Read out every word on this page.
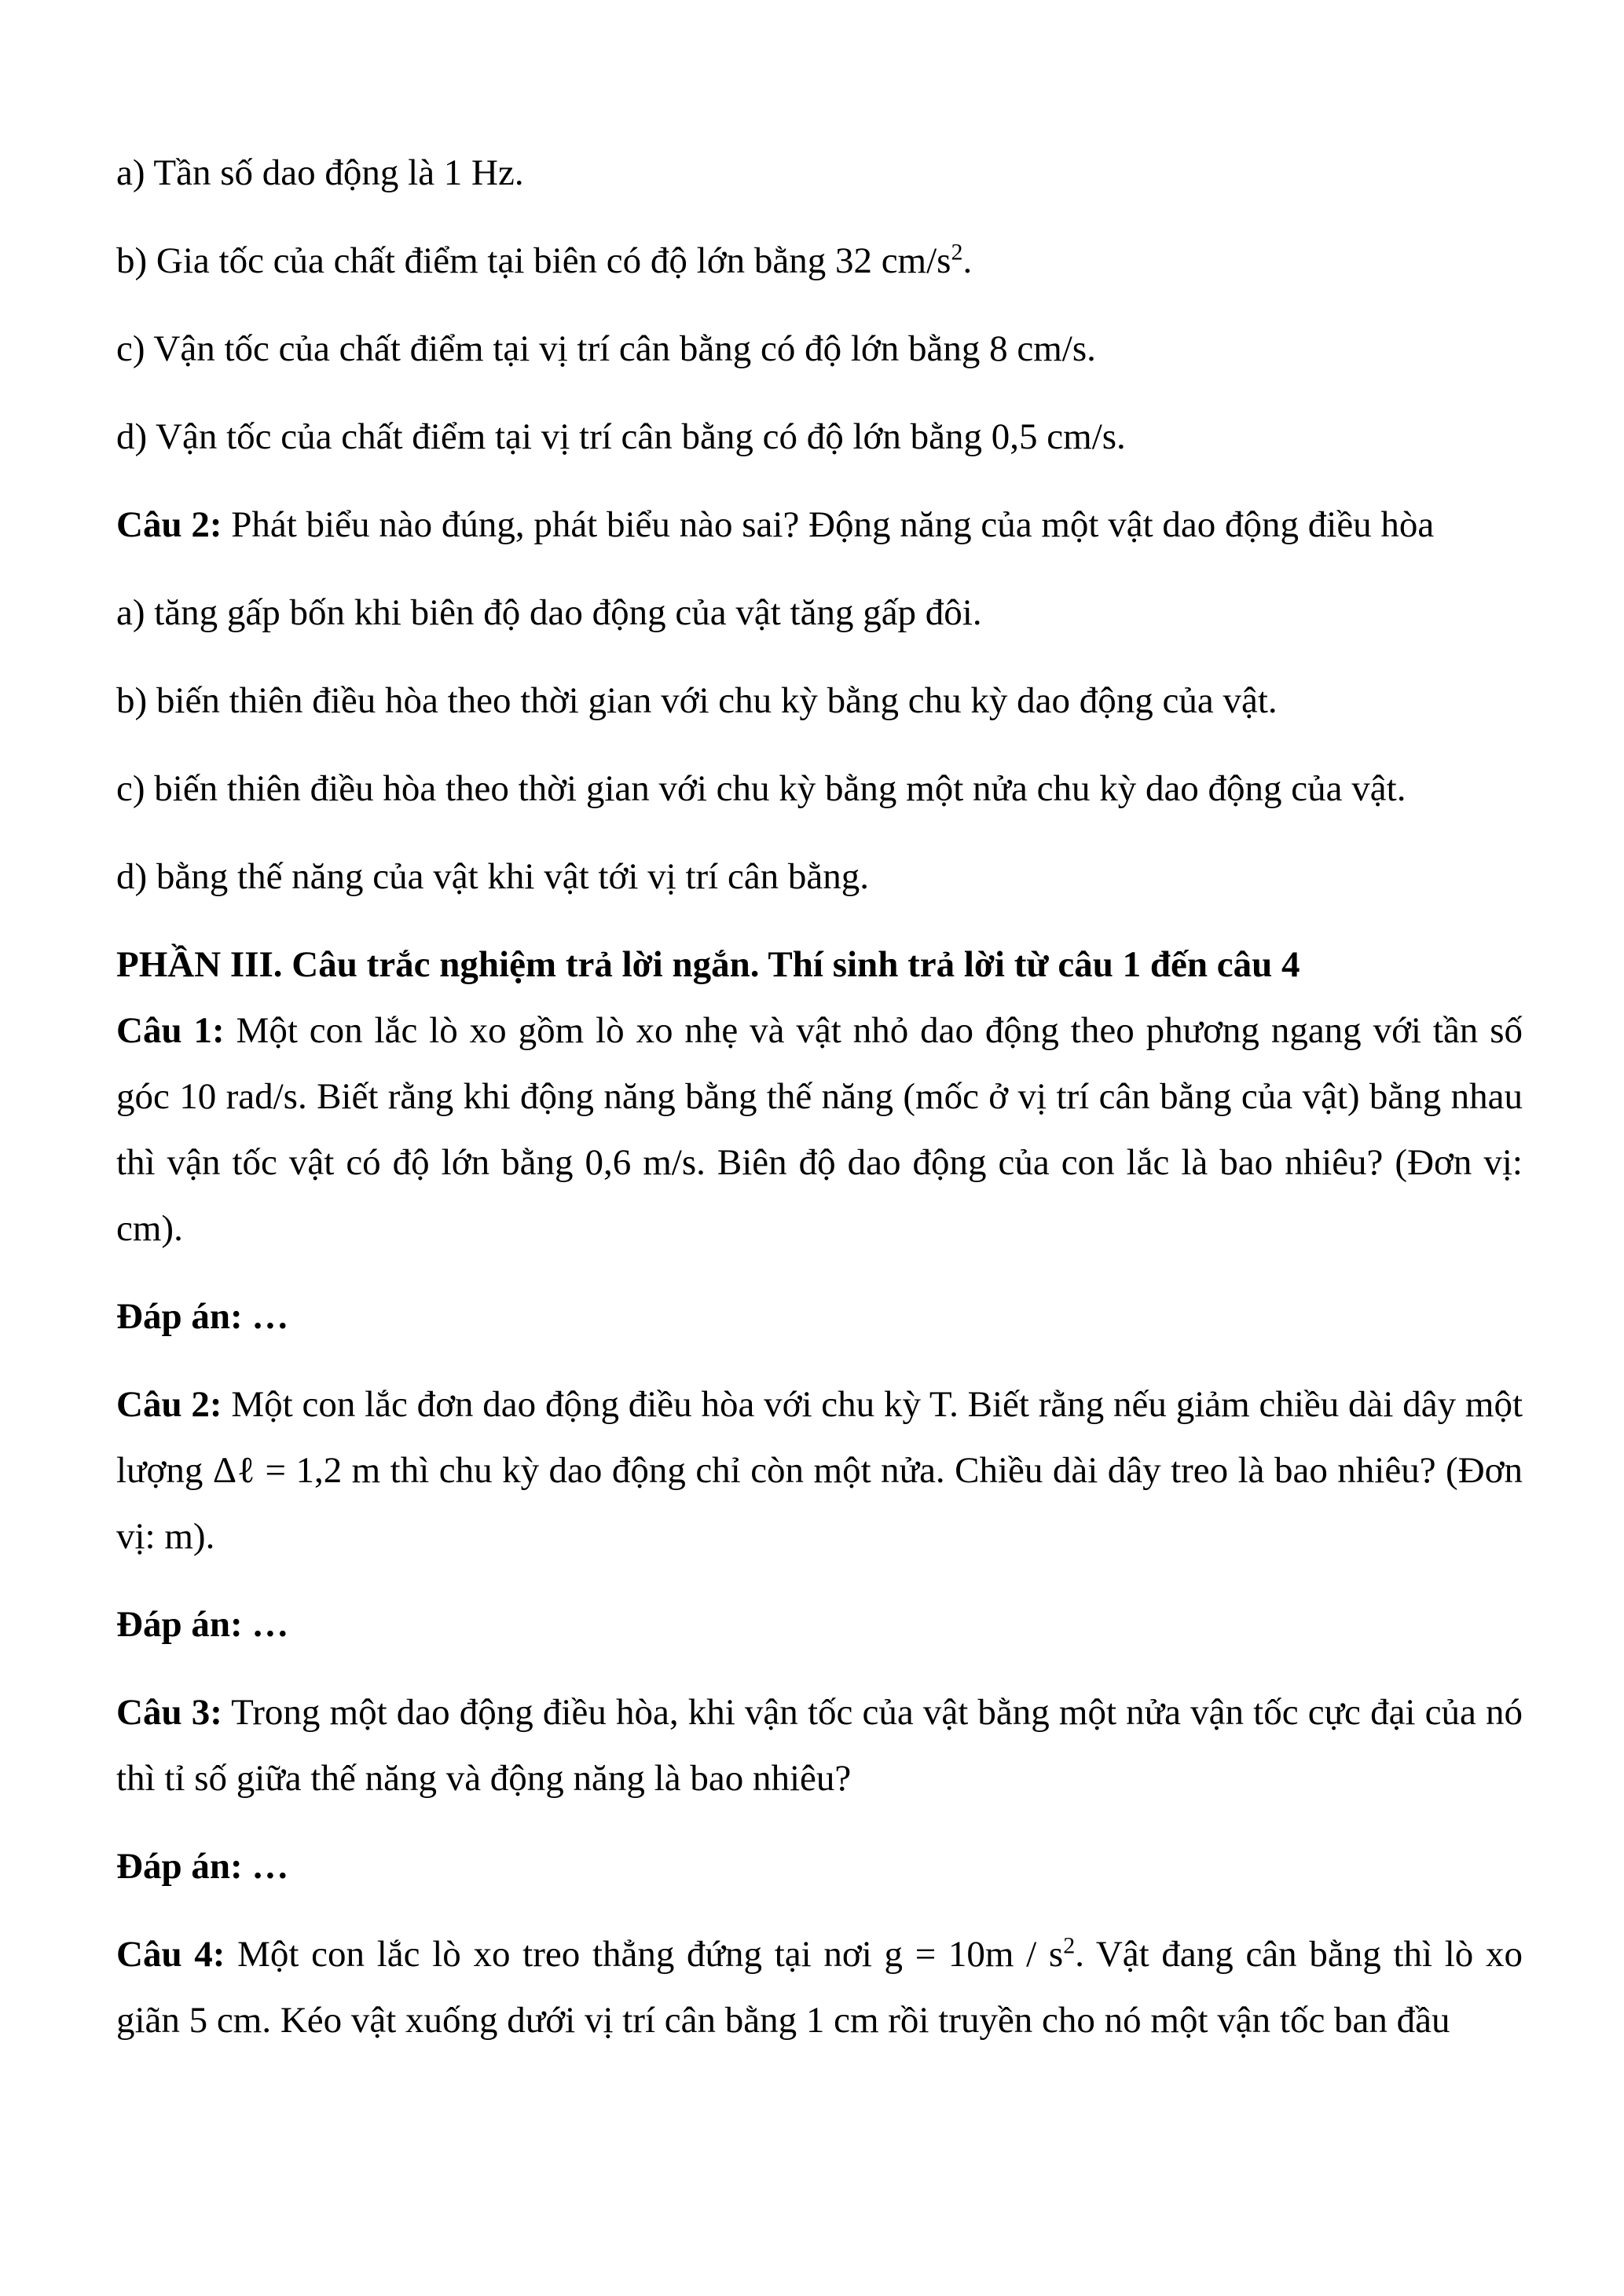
a) Tần số dao động là 1 Hz.
b) Gia tốc của chất điểm tại biên có độ lớn bằng 32 $cm/s^2$.
c) Vận tốc của chất điểm tại vị trí cân bằng có độ lớn bằng 8 cm/s.
d) Vận tốc của chất điểm tại vị trí cân bằng có độ lớn bằng 0,5 cm/s.
Câu 2: Phát biểu nào đúng, phát biểu nào sai? Động năng của một vật dao động điều hòa
a) tăng gấp bốn khi biên độ dao động của vật tăng gấp đôi.
b) biến thiên điều hòa theo thời gian với chu kỳ bằng chu kỳ dao động của vật.
c) biến thiên điều hòa theo thời gian với chu kỳ bằng một nửa chu kỳ dao động của vật.
d) bằng thế năng của vật khi vật tới vị trí cân bằng.
PHẦN III. Câu trắc nghiệm trả lời ngắn. Thí sinh trả lời từ câu 1 đến câu 4
Câu 1: Một con lắc lò xo gồm lò xo nhẹ và vật nhỏ dao động theo phương ngang với tần số góc 10 rad/s. Biết rằng khi động năng bằng thế năng (mốc ở vị trí cân bằng của vật) bằng nhau thì vận tốc vật có độ lớn bằng 0,6 m/s. Biên độ dao động của con lắc là bao nhiêu? (Đơn vị: cm).
Đáp án: …
Câu 2: Một con lắc đơn dao động điều hòa với chu kỳ T. Biết rằng nếu giảm chiều dài dây một lượng Δℓ = 1,2 m thì chu kỳ dao động chỉ còn một nửa. Chiều dài dây treo là bao nhiêu? (Đơn vị: m).
Đáp án: …
Câu 3: Trong một dao động điều hòa, khi vận tốc của vật bằng một nửa vận tốc cực đại của nó thì tỉ số giữa thế năng và động năng là bao nhiêu?
Đáp án: …
Câu 4: Một con lắc lò xo treo thẳng đứng tại nơi $g = 10m / s^2$. Vật đang cân bằng thì lò xo giãn 5 cm. Kéo vật xuống dưới vị trí cân bằng 1 cm rồi truyền cho nó một vận tốc ban đầu
